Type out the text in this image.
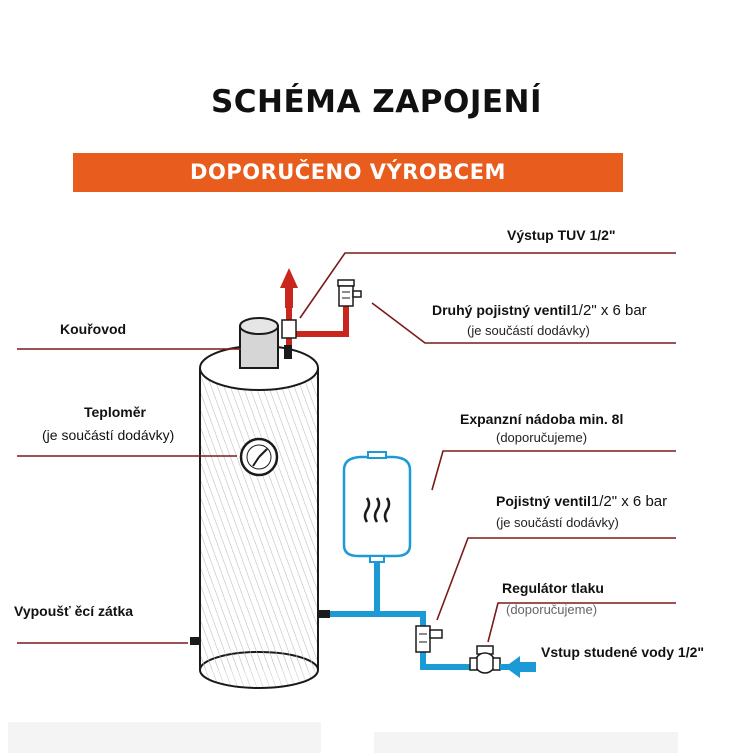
SCHÉMA ZAPOJENÍ
DOPORUČENO VÝROBCEM
Kouřovod
Teploměr
(je součástí dodávky)
Vypoušť ěcí zátka
Výstup TUV 1/2"
Druhý pojistný ventil1/2" x 6 bar
(je součástí dodávky)
Expanzní nádoba min. 8l
(doporučujeme)
Pojistný ventil1/2" x 6 bar
(je součástí dodávky)
Regulátor tlaku
(doporučujeme)
Vstup studené vody 1/2"
